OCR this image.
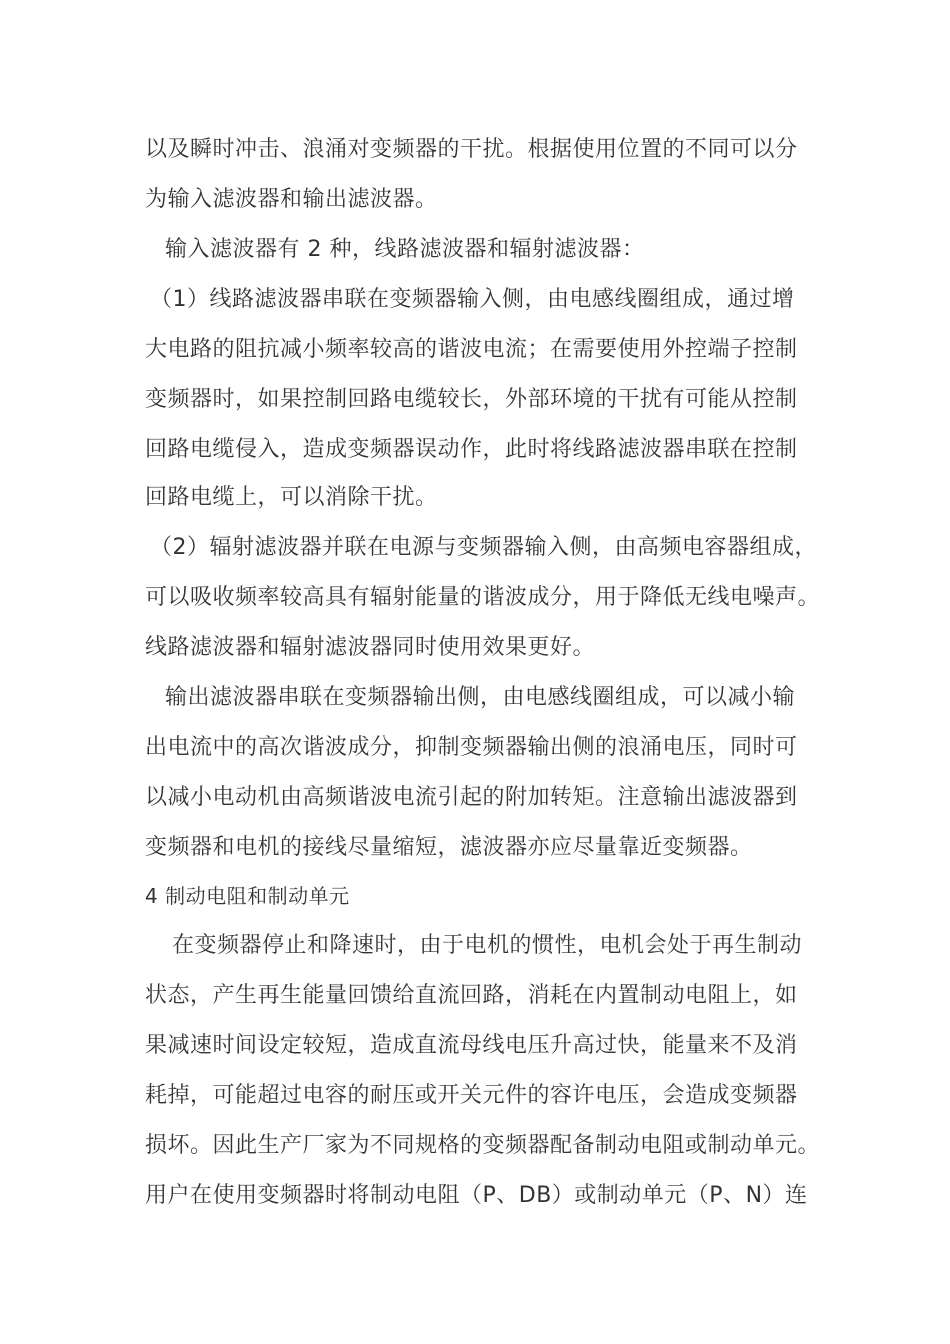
以及瞬时冲击、浪涌对变频器的干扰。根据使用位置的不同可以分
为输入滤波器和输出滤波器。
输入滤波器有 2 种，线路滤波器和辐射滤波器：
（1）线路滤波器串联在变频器输入侧，由电感线圈组成，通过增
大电路的阻抗减小频率较高的谐波电流；在需要使用外控端子控制
变频器时，如果控制回路电缆较长，外部环境的干扰有可能从控制
回路电缆侵入，造成变频器误动作，此时将线路滤波器串联在控制
回路电缆上，可以消除干扰。
（2）辐射滤波器并联在电源与变频器输入侧，由高频电容器组成，
可以吸收频率较高具有辐射能量的谐波成分，用于降低无线电噪声。
线路滤波器和辐射滤波器同时使用效果更好。
输出滤波器串联在变频器输出侧，由电感线圈组成，可以减小输
出电流中的高次谐波成分，抑制变频器输出侧的浪涌电压，同时可
以减小电动机由高频谐波电流引起的附加转矩。注意输出滤波器到
变频器和电机的接线尽量缩短，滤波器亦应尽量靠近变频器。
4 制动电阻和制动单元
在变频器停止和降速时，由于电机的惯性，电机会处于再生制动
状态，产生再生能量回馈给直流回路，消耗在内置制动电阻上，如
果减速时间设定较短，造成直流母线电压升高过快，能量来不及消
耗掉，可能超过电容的耐压或开关元件的容许电压，会造成变频器
损坏。因此生产厂家为不同规格的变频器配备制动电阻或制动单元。
用户在使用变频器时将制动电阻（P、DB）或制动单元（P、N）连
